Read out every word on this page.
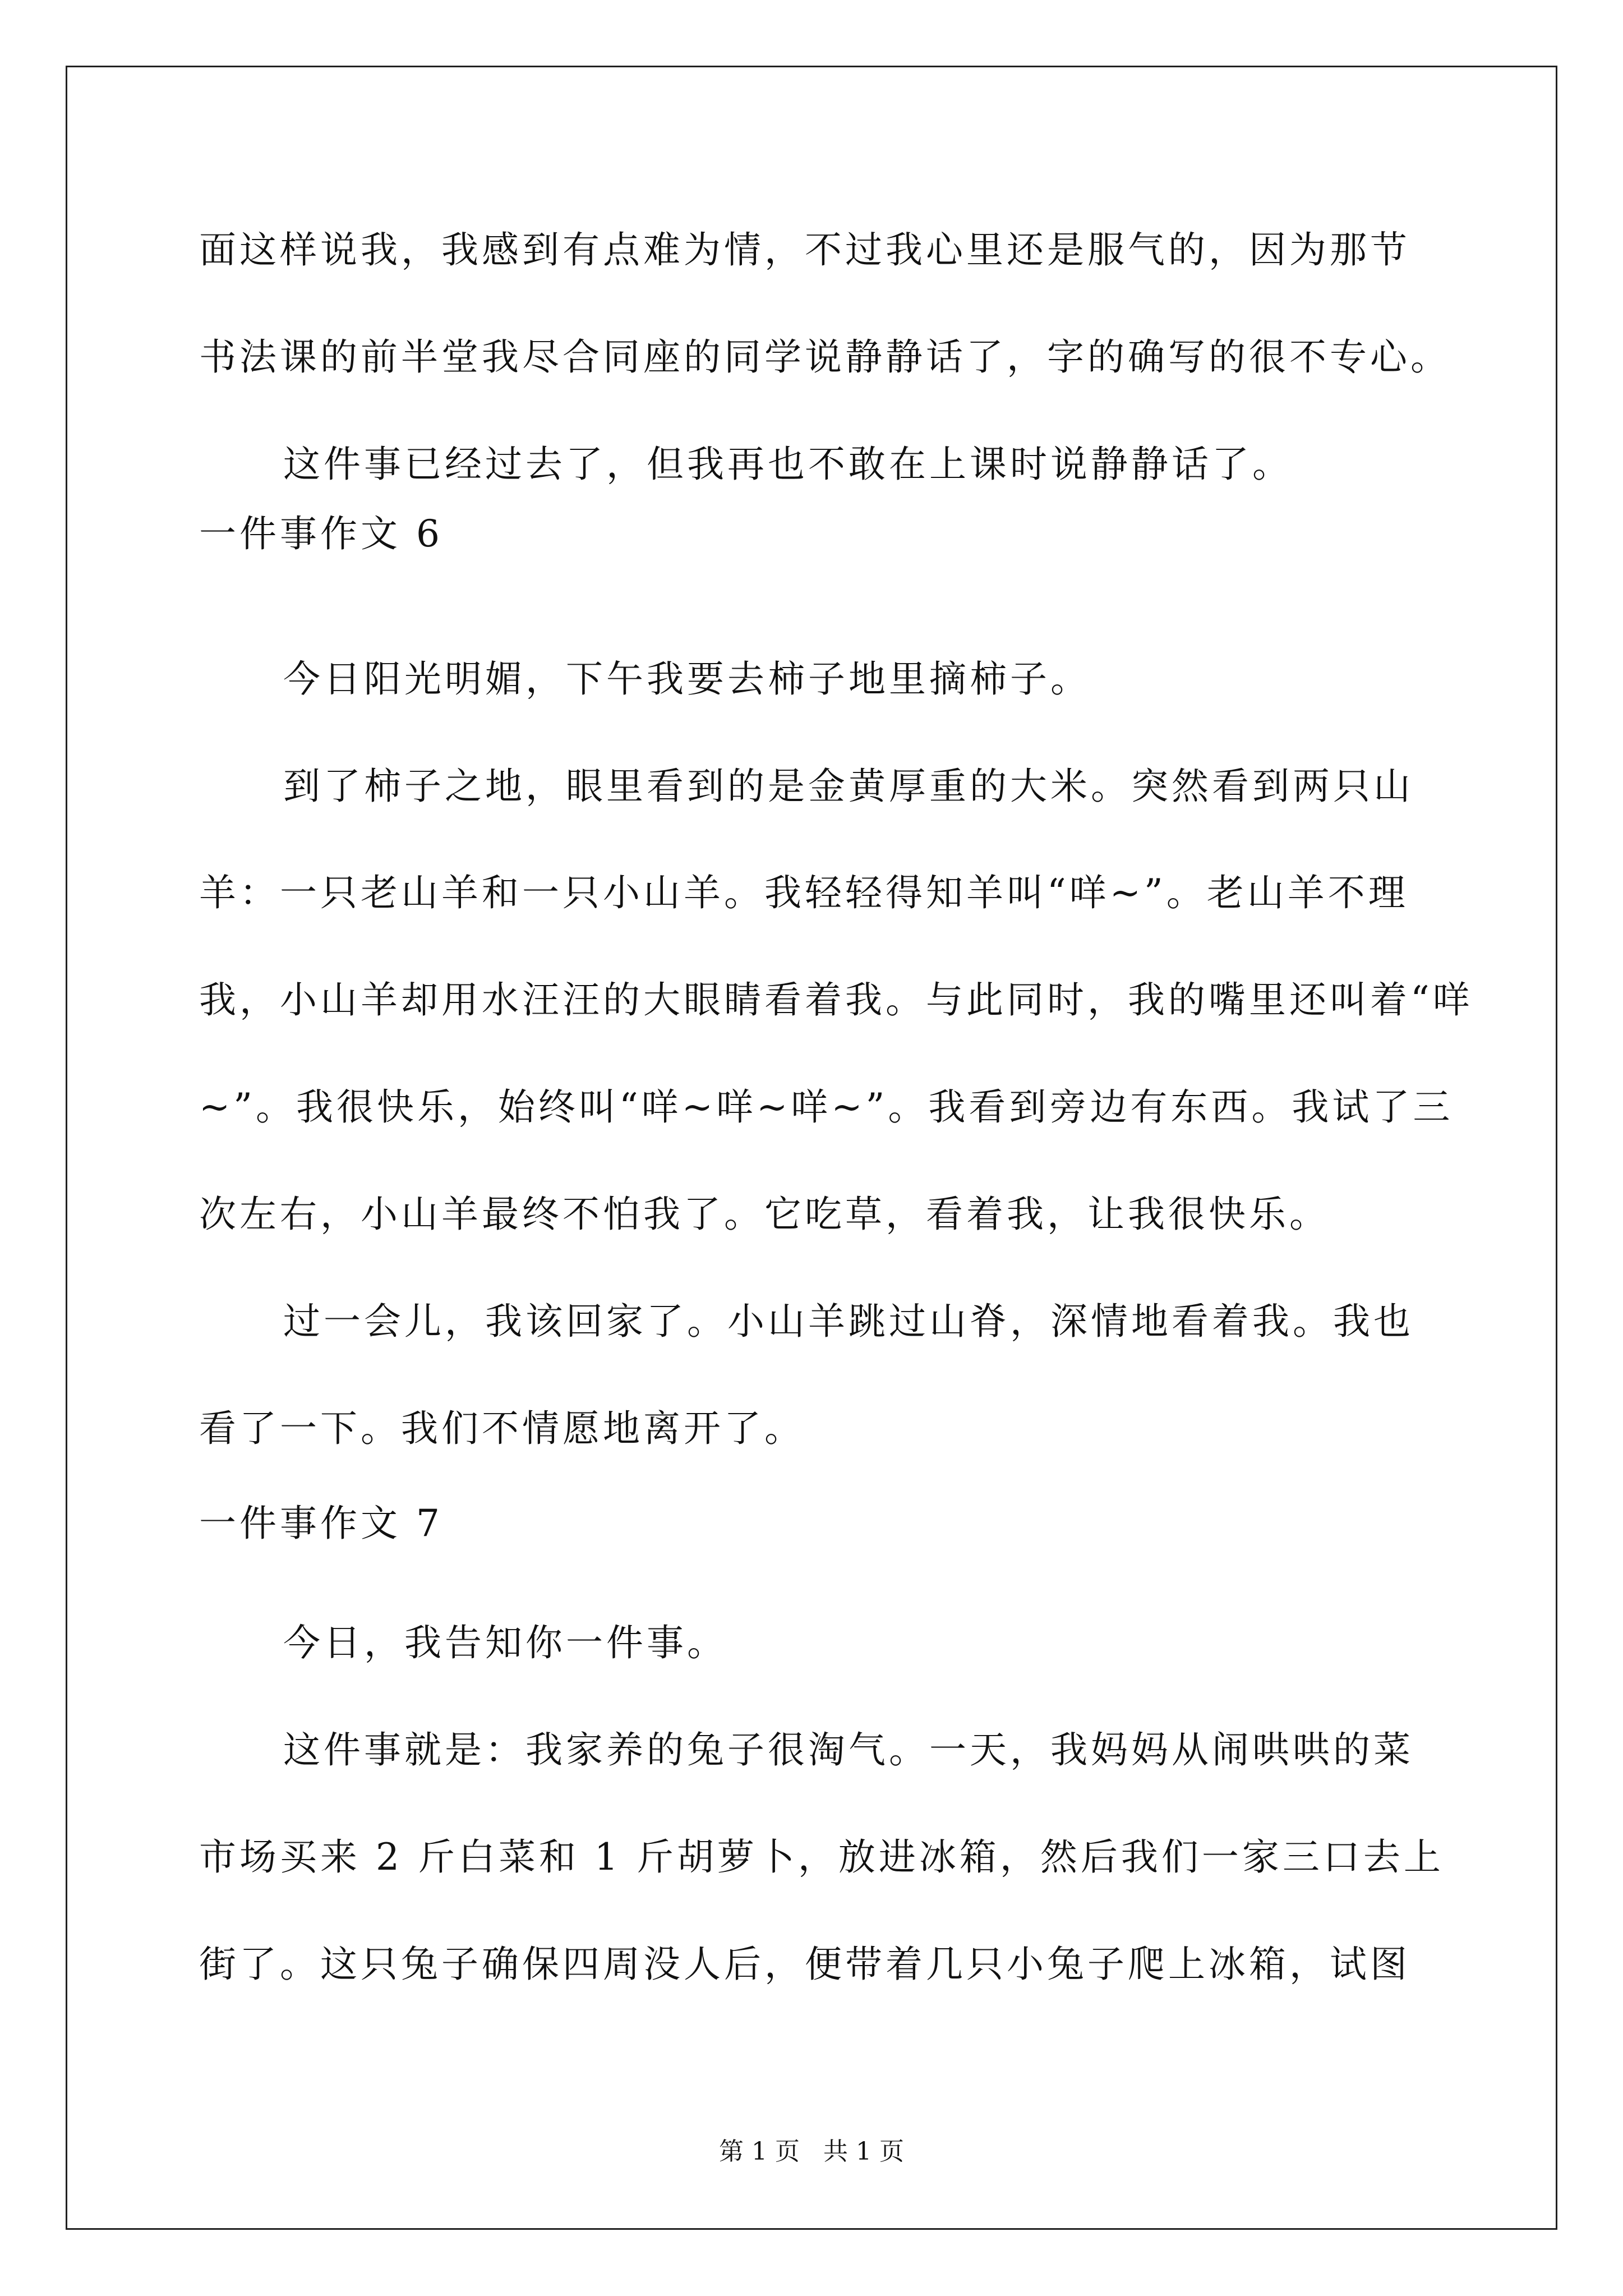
面这样说我，我感到有点难为情，不过我心里还是服气的，因为那节
书法课的前半堂我尽合同座的同学说静静话了，字的确写的很不专心。
这件事已经过去了，但我再也不敢在上课时说静静话了。
一件事作文 6
今日阳光明媚，下午我要去柿子地里摘柿子。
到了柿子之地，眼里看到的是金黄厚重的大米。突然看到两只山
羊：一只老山羊和一只小山羊。我轻轻得知羊叫“咩~”。老山羊不理
我，小山羊却用水汪汪的大眼睛看着我。与此同时，我的嘴里还叫着“咩
~”。我很快乐，始终叫“咩~咩~咩~”。我看到旁边有东西。我试了三
次左右，小山羊最终不怕我了。它吃草，看着我，让我很快乐。
过一会儿，我该回家了。小山羊跳过山脊，深情地看着我。我也
看了一下。我们不情愿地离开了。
一件事作文 7
今日，我告知你一件事。
这件事就是：我家养的兔子很淘气。一天，我妈妈从闹哄哄的菜
市场买来 2 斤白菜和 1 斤胡萝卜，放进冰箱，然后我们一家三口去上
街了。这只兔子确保四周没人后，便带着几只小兔子爬上冰箱，试图
第 1 页   共 1 页
